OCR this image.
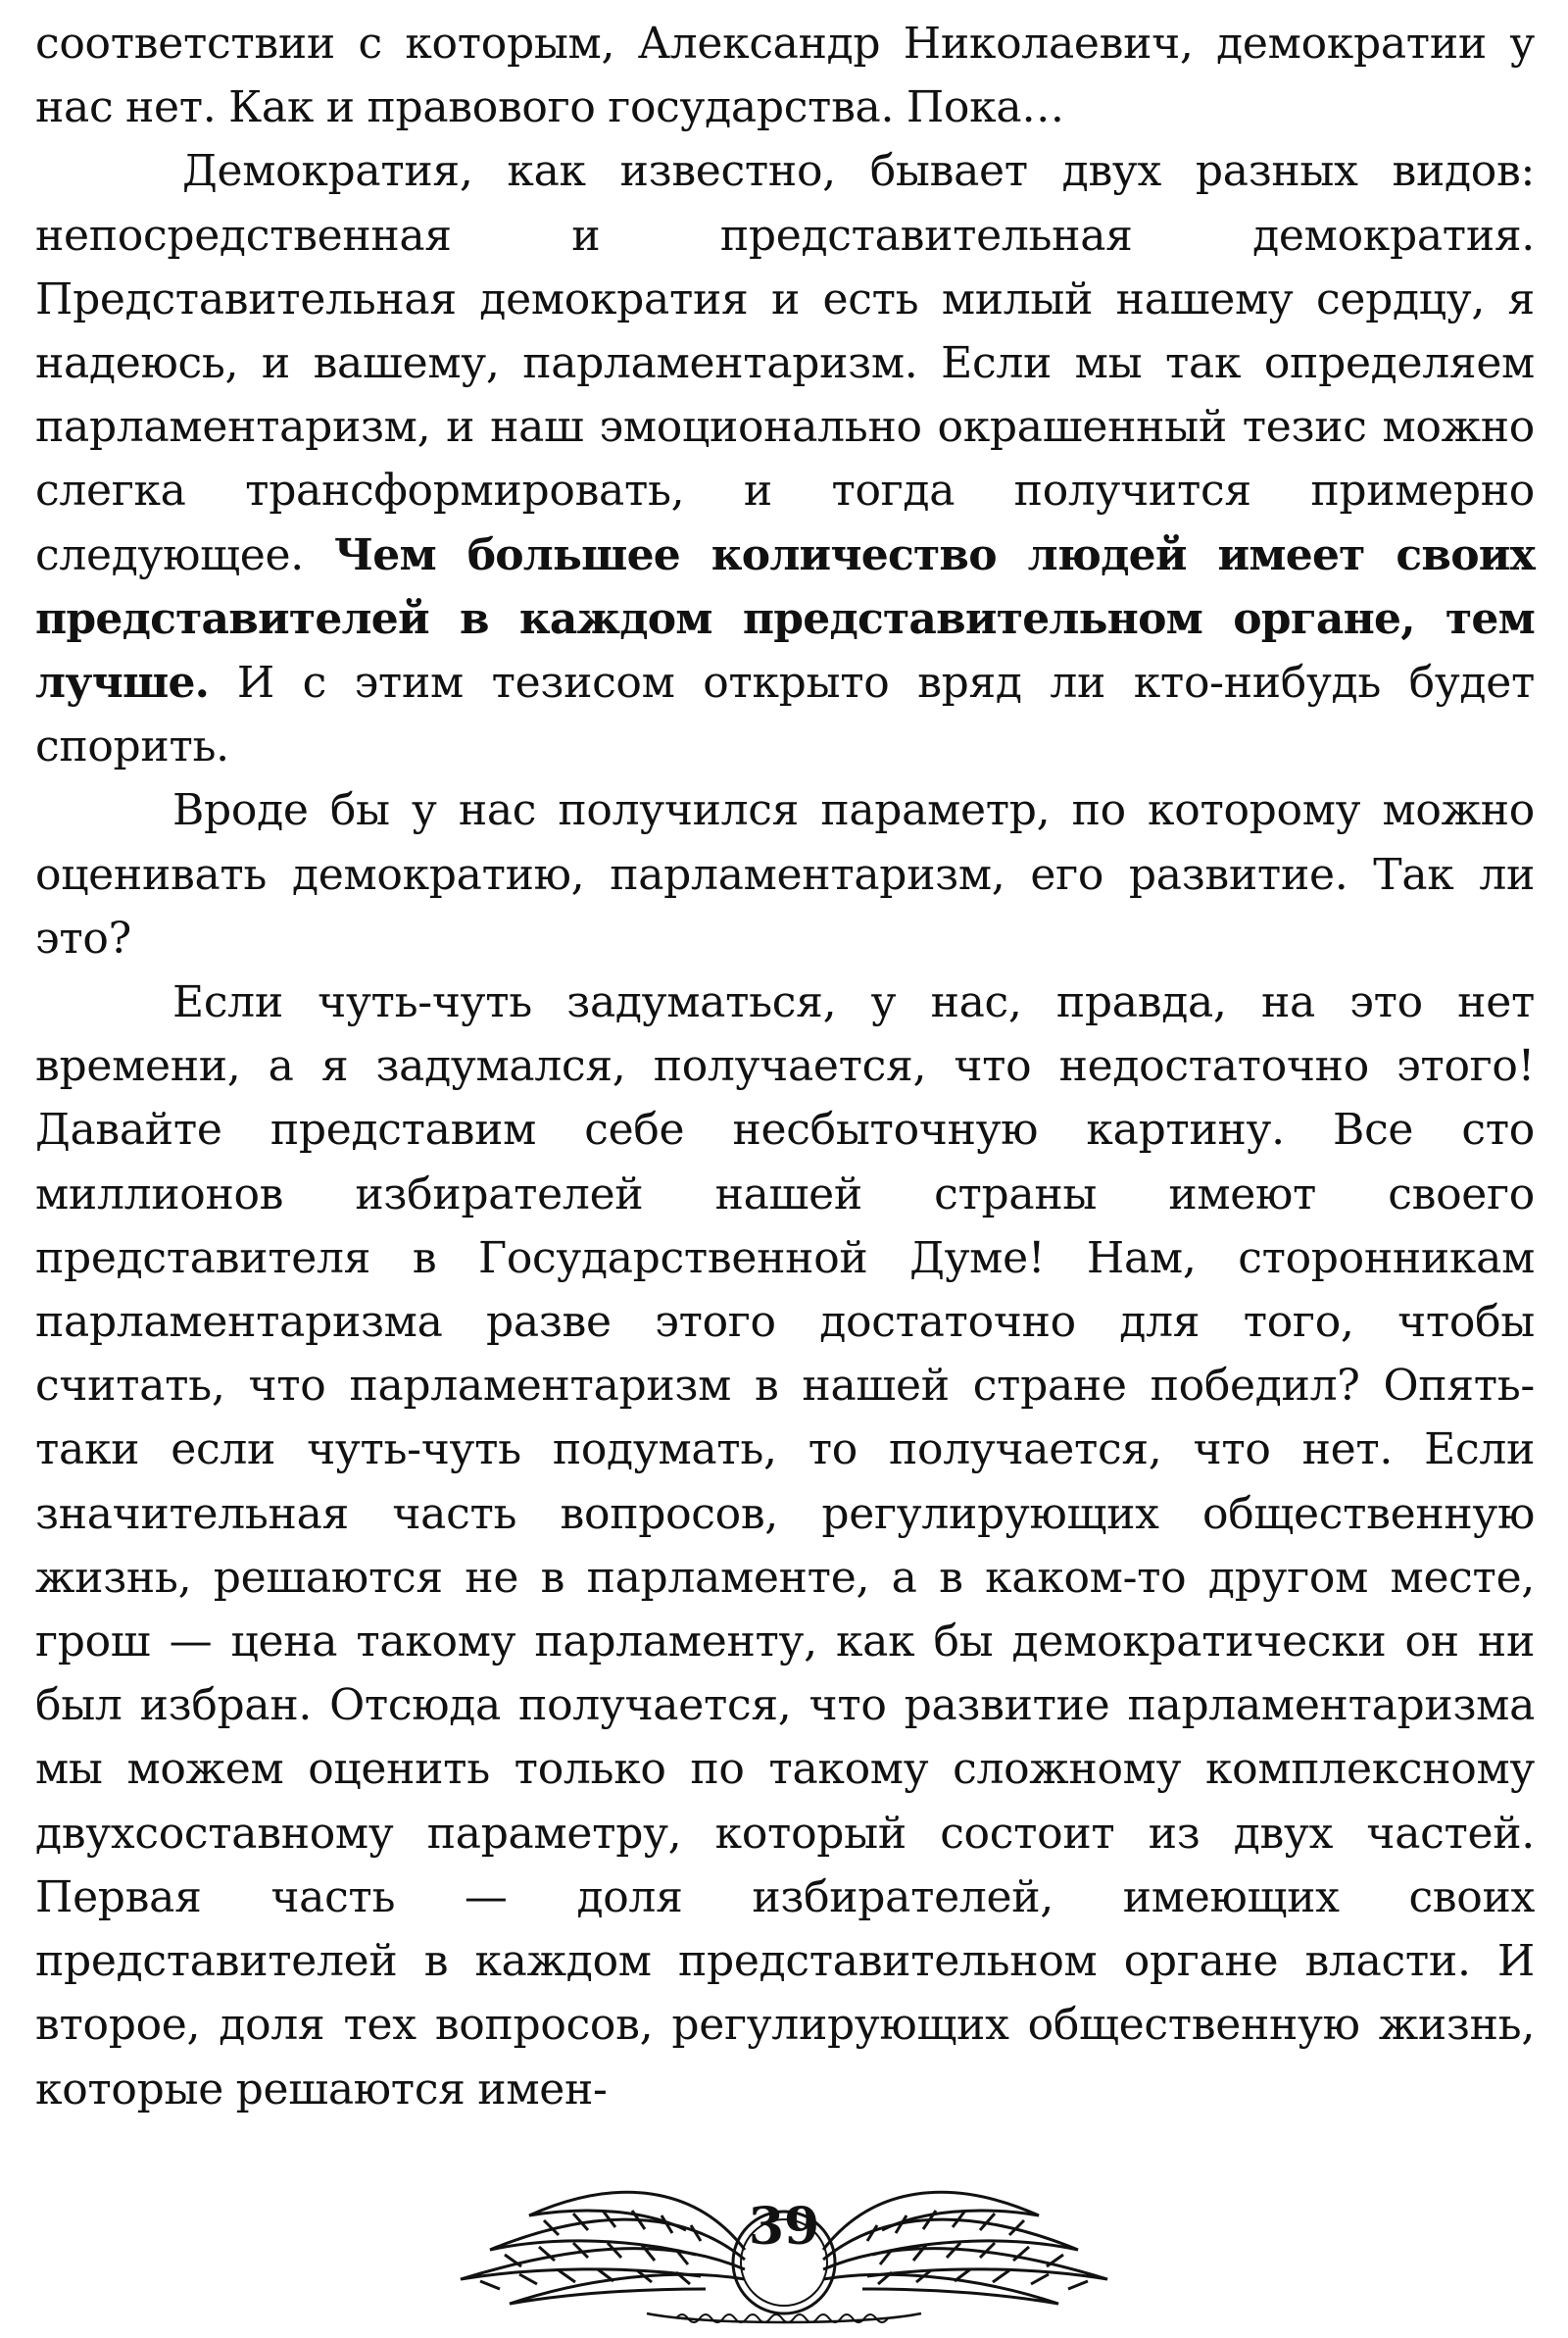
соответствии с которым, Александр Николаевич, демократии у нас нет. Как и правового государства. Пока…

Демократия, как известно, бывает двух разных видов: непосредственная и представительная демократия. Представительная демократия и есть милый нашему сердцу, я надеюсь, и вашему, парламентаризм. Если мы так определяем парламентаризм, и наш эмоционально окрашенный тезис можно слегка трансформировать, и тогда получится примерно следующее. Чем большее количество людей имеет своих представителей в каждом представительном органе, тем лучше. И с этим тезисом открыто вряд ли кто-нибудь будет спорить.

Вроде бы у нас получился параметр, по которому можно оценивать демократию, парламентаризм, его развитие. Так ли это?

Если чуть-чуть задуматься, у нас, правда, на это нет времени, а я задумался, получается, что недостаточно этого! Давайте представим себе несбыточную картину. Все сто миллионов избирателей нашей страны имеют своего представителя в Государственной Думе! Нам, сторонникам парламентаризма разве этого достаточно для того, чтобы считать, что парламентаризм в нашей стране победил? Опять-таки если чуть-чуть подумать, то получается, что нет. Если значительная часть вопросов, регулирующих общественную жизнь, решаются не в парламенте, а в каком-то другом месте, грош — цена такому парламенту, как бы демократически он ни был избран. Отсюда получается, что развитие парламентаризма мы можем оценить только по такому сложному комплексному двухсоставному параметру, который состоит из двух частей. Первая часть — доля избирателей, имеющих своих представителей в каждом представительном органе власти. И второе, доля тех вопросов, регулирующих общественную жизнь, которые решаются имен-

39
